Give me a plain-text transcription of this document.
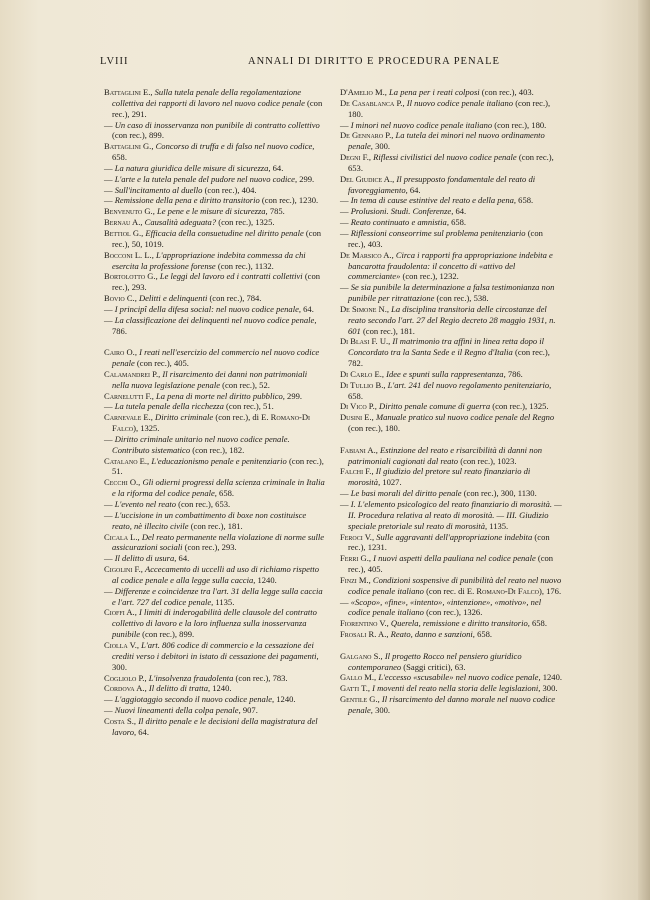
LVIII	ANNALI DI DIRITTO E PROCEDURA PENALE
Battaglini E., Sulla tutela penale della regolamentazione collettiva dei rapporti di lavoro nel nuovo codice penale (con rec.), 291.
— Un caso di inosservanza non punibile di contratto collettivo (con rec.), 899.
Battaglini G., Concorso di truffa e di falso nel nuovo codice, 658.
— La natura giuridica delle misure di sicurezza, 64.
— L'arte e la tutela penale del pudore nel nuovo codice, 299.
— Sull'incitamento al duello (con rec.), 404.
— Remissione della pena e diritto transitorio (con rec.), 1230.
Benvenuto G., Le pene e le misure di sicurezza, 785.
Bernau A., Causalità adeguata? (con rec.), 1325.
Bettiol G., Efficacia della consuetudine nel diritto penale (con rec.), 50, 1019.
Bocconi L. L., L'appropriazione indebita commessa da chi esercita la professione forense (con rec.), 1132.
Bortolotto G., Le leggi del lavoro ed i contratti collettivi (con rec.), 293.
Bovio C., Delitti e delinquenti (con rec.), 784.
— I principî della difesa social: nel nuovo codice penale, 64.
— La classificazione dei delinquenti nel nuovo codice penale, 786.
Cairo O., I reati nell'esercizio del commercio nel nuovo codice penale (con rec.), 405.
Calamandrei P., Il risarcimento dei danni non patrimoniali nella nuova legislazione penale (con rec.), 52.
Carnelutti F., La pena di morte nel diritto pubblico, 299.
— La tutela penale della ricchezza (con rec.), 51.
Carnevale E., Diritto criminale (con rec.), di E. Romano-Di Falco), 1325.
— Diritto criminale unitario nel nuovo codice penale. Contributo sistematico (con rec.), 182.
Catalano E., L'educazionismo penale e penitenziario (con rec.), 51.
Cecchi O., Gli odierni progressi della scienza criminale in Italia e la riforma del codice penale, 658.
— L'evento nel reato (con rec.), 653.
— L'uccisione in un combattimento di boxe non costituisce reato, nè illecito civile (con rec.), 181.
Cicala L., Del reato permanente nella violazione di norme sulle assicurazioni sociali (con rec.), 293.
— Il delitto di usura, 64.
Cigolini F., Accecamento di uccelli ad uso di richiamo rispetto al codice penale e alla legge sulla caccia, 1240.
— Differenze e coincidenze tra l'art. 31 della legge sulla caccia e l'art. 727 del codice penale, 1135.
Cioffi A., I limiti di inderogabilità delle clausole del contratto collettivo di lavoro e la loro influenza sulla inosservanza punibile (con rec.), 899.
Ciolla V., L'art. 806 codice di commercio e la cessazione dei crediti verso i debitori in istato di cessazione dei pagamenti, 300.
Cogliolo P., L'insolvenza fraudolenta (con rec.), 783.
Cordova A., Il delitto di tratta, 1240.
— L'aggiotaggio secondo il nuovo codice penale, 1240.
— Nuovi lineamenti della colpa penale, 907.
Costa S., Il diritto penale e le decisioni della magistratura del lavoro, 64.
D'Amelio M., La pena per i reati colposi (con rec.), 403.
De Casablanca P., Il nuovo codice penale italiano (con rec.), 180.
— I minori nel nuovo codice penale italiano (con rec.), 180.
De Gennaro P., La tutela dei minori nel nuovo ordinamento penale, 300.
Degni F., Riflessi civilistici del nuovo codice penale (con rec.), 653.
Del Giudice A., Il presupposto fondamentale del reato di favoreggiamento, 64.
— In tema di cause estintive del reato e della pena, 658.
— Prolusioni. Studi. Conferenze, 64.
— Reato continuato e amnistia, 658.
— Riflessioni conseorrime sul problema penitenziario (con rec.), 403.
De Marsico A., Circa i rapporti fra appropriazione indebita e bancarotta fraudolenta: il concetto di «attivo del commerciante» (con rec.), 1232.
— Se sia punibile la determinazione a falsa testimonianza non punibile per ritrattazione (con rec.), 538.
De Simone N., La disciplina transitoria delle circostanze del reato secondo l'art. 27 del Regio decreto 28 maggio 1931, n. 601 (con rec.), 181.
Di Blasi F. U., Il matrimonio tra affini in linea retta dopo il Concordato tra la Santa Sede e il Regno d'Italia (con rec.), 782.
Di Carlo E., Idee e spunti sulla rappresentanza, 786.
Di Tullio B., L'art. 241 del nuovo regolamento penitenziario, 658.
Di Vico P., Diritto penale comune di guerra (con rec.), 1325.
Dusini E., Manuale pratico sul nuovo codice penale del Regno (con rec.), 180.
Fabiani A., Estinzione del reato e risarcibilità di danni non patrimoniali cagionati dal reato (con rec.), 1023.
Falchi F., Il giudizio del pretore sul reato finanziario di morosità, 1027.
— Le basi morali del diritto penale (con rec.), 300, 1130.
— I. L'elemento psicologico del reato finanziario di morosità. — II. Procedura relativa al reato di morosità. — III. Giudizio speciale pretoriale sul reato di morosità, 1135.
Feroci V., Sulle aggravanti dell'appropriazione indebita (con rec.), 1231.
Ferri G., I nuovi aspetti della pauliana nel codice penale (con rec.), 405.
Finzi M., Condizioni sospensive di punibilità del reato nel nuovo codice penale italiano (con rec. di E. Romano-Di Falco), 176.
— «Scopo», «fine», «intento», «intenzione», «motivo», nel codice penale italiano (con rec.), 1326.
Fiorentino V., Querela, remissione e diritto transitorio, 658.
Frosali R. A., Reato, danno e sanzioni, 658.
Galgano S., Il progetto Rocco nel pensiero giuridico contemporaneo (Saggi critici), 63.
Gallo M., L'eccesso «scusabile» nel nuovo codice penale, 1240.
Gatti T., I moventi del reato nella storia delle legislazioni, 300.
Gentile G., Il risarcimento del danno morale nel nuovo codice penale, 300.
